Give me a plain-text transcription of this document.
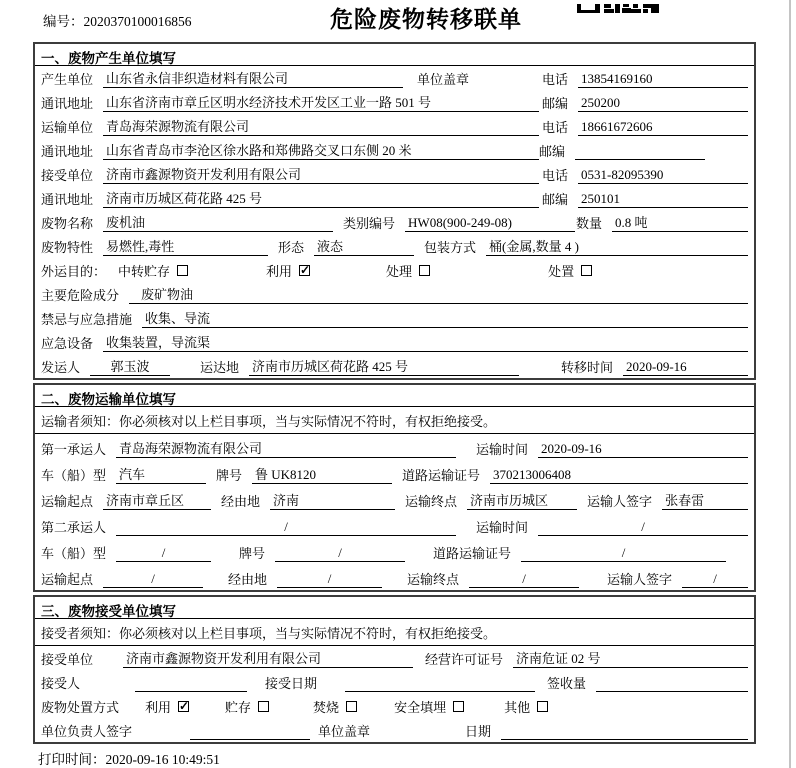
编号：2020370100016856	危险废物转移联单
一、废物产生单位填写
产生单位 山东省永信非织造材料有限公司	单位盖章	电话 13854169160
通讯地址 山东省济南市章丘区明水经济技术开发区工业一路 501 号	邮编 250200
运输单位 青岛海荣源物流有限公司	电话 18661672606
通讯地址 山东省青岛市李沧区徐水路和郑佛路交叉口东侧 20 米	邮编
接受单位 济南市鑫源物资开发利用有限公司	电话 0531-82095390
通讯地址 济南市历城区荷花路 425 号	邮编 250101
废物名称 废机油	类别编号 HW08(900-249-08)	数量 0.8 吨
废物特性 易燃性,毒性	形态 液态	包装方式 桶(金属,数量 4 )
外运目的： 中转贮存	利用 ✓	处理	处置
主要危险成分	废矿物油
禁忌与应急措施 收集、导流
应急设备 收集装置，导流渠
发运人	郭玉波	运达地 济南市历城区荷花路 425 号	转移时间 2020-09-16
二、废物运输单位填写
运输者须知：你必须核对以上栏目事项，当与实际情况不符时，有权拒绝接受。
第一承运人 青岛海荣源物流有限公司	运输时间 2020-09-16
车（船）型 汽车	牌号 鲁 UK8120	道路运输证号 370213006408
运输起点 济南市章丘区	经由地 济南	运输终点 济南市历城区	运输人签字 张春雷
第二承运人	/	运输时间	/
车（船）型	/	牌号	/	道路运输证号	/
运输起点	/	经由地	/	运输终点	/	运输人签字	/
三、废物接受单位填写
接受者须知：你必须核对以上栏目事项，当与实际情况不符时，有权拒绝接受。
接受单位	济南市鑫源物资开发利用有限公司	经营许可证号 济南危证 02 号
接受人	接受日期	签收量
废物处置方式 利用 ✓	贮存	焚烧	安全填埋	其他
单位负责人签字	单位盖章	日期
打印时间：2020-09-16 10:49:51
